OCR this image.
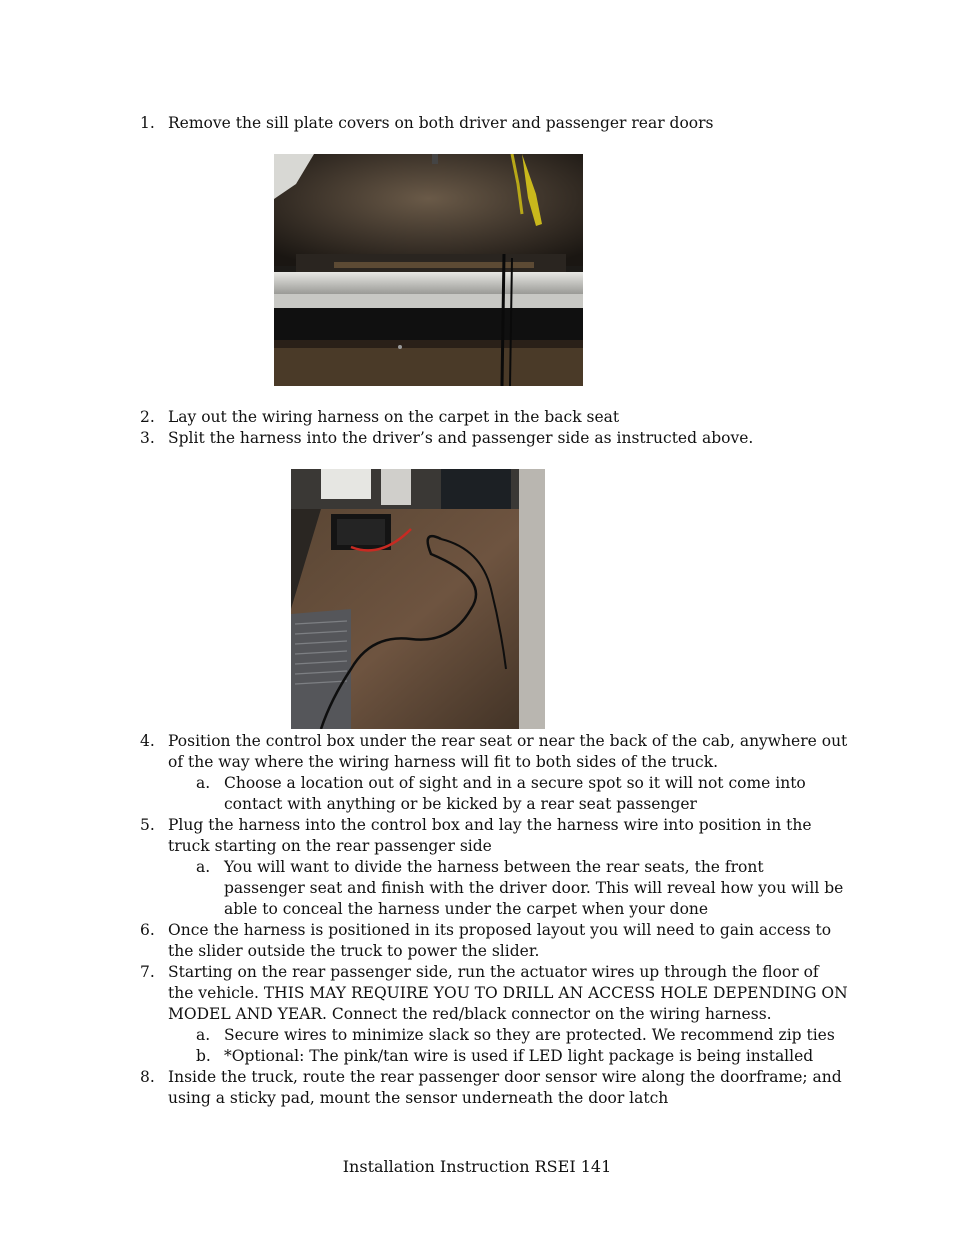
1. Remove the sill plate covers on both driver and passenger rear doors
2. Lay out the wiring harness on the carpet in the back seat
3. Split the harness into the driver’s and passenger side as instructed above.
4. Position the control box under the rear seat or near the back of the cab, anywhere out of the way where the wiring harness will fit to both sides of the truck.
a. Choose a location out of sight and in a secure spot so it will not come into contact with anything or be kicked by a rear seat passenger
5. Plug the harness into the control box and lay the harness wire into position in the truck starting on the rear passenger side
a. You will want to divide the harness between the rear seats, the front passenger seat and finish with the driver door. This will reveal how you will be able to conceal the harness under the carpet when your done
6. Once the harness is positioned in its proposed layout you will need to gain access to the slider outside the truck to power the slider.
7. Starting on the rear passenger side, run the actuator wires up through the floor of the vehicle. THIS MAY REQUIRE YOU TO DRILL AN ACCESS HOLE DEPENDING ON MODEL AND YEAR. Connect the red/black connector on the wiring harness.
a. Secure wires to minimize slack so they are protected. We recommend zip ties
b. *Optional: The pink/tan wire is used if LED light package is being installed
8. Inside the truck, route the rear passenger door sensor wire along the doorframe; and using a sticky pad, mount the sensor underneath the door latch
Installation Instruction RSEI 141
